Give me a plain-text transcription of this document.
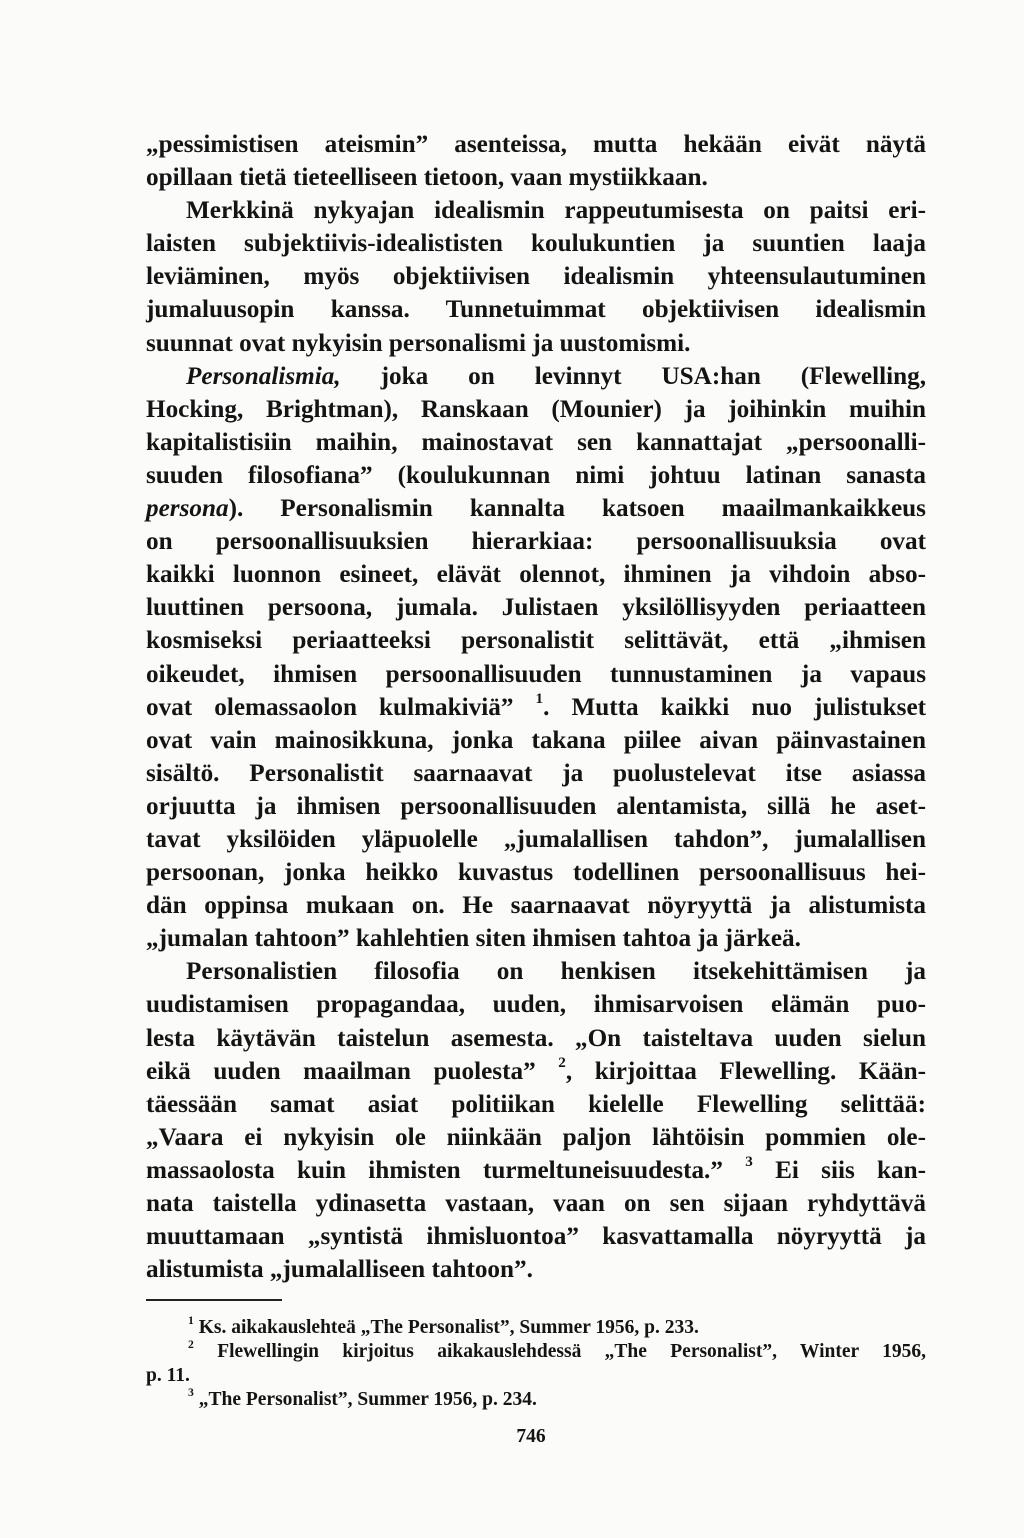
„pessimistisen ateismin” asenteissa, mutta hekään eivät näytä
opillaan tietä tieteelliseen tietoon, vaan mystiikkaan.
Merkkinä nykyajan idealismin rappeutumisesta on paitsi eri-
laisten subjektiivis-idealististen koulukuntien ja suuntien laaja
leviäminen, myös objektiivisen idealismin yhteensulautuminen
jumaluusopin kanssa. Tunnetuimmat objektiivisen idealismin
suunnat ovat nykyisin personalismi ja uustomismi.
Personalismia, joka on levinnyt USA:han (Flewelling,
Hocking, Brightman), Ranskaan (Mounier) ja joihinkin muihin
kapitalistisiin maihin, mainostavat sen kannattajat „persoonalli-
suuden filosofiana” (koulukunnan nimi johtuu latinan sanasta
persona). Personalismin kannalta katsoen maailmankaikkeus
on persoonallisuuksien hierarkiaa: persoonallisuuksia ovat
kaikki luonnon esineet, elävät olennot, ihminen ja vihdoin abso-
luuttinen persoona, jumala. Julistaen yksilöllisyyden periaatteen
kosmiseksi periaatteeksi personalistit selittävät, että „ihmisen
oikeudet, ihmisen persoonallisuuden tunnustaminen ja vapaus
ovat olemassaolon kulmakiviä” $^1$. Mutta kaikki nuo julistukset
ovat vain mainosikkuna, jonka takana piilee aivan päinvastainen
sisältö. Personalistit saarnaavat ja puolustelevat itse asiassa
orjuutta ja ihmisen persoonallisuuden alentamista, sillä he aset-
tavat yksilöiden yläpuolelle „jumalallisen tahdon”, jumalallisen
persoonan, jonka heikko kuvastus todellinen persoonallisuus hei-
dän oppinsa mukaan on. He saarnaavat nöyryyttä ja alistumista
„jumalan tahtoon” kahlehtien siten ihmisen tahtoa ja järkeä.
Personalistien filosofia on henkisen itsekehittämisen ja
uudistamisen propagandaa, uuden, ihmisarvoisen elämän puo-
lesta käytävän taistelun asemesta. „On taisteltava uuden sielun
eikä uuden maailman puolesta” $^2$, kirjoittaa Flewelling. Kään-
täessään samat asiat politiikan kielelle Flewelling selittää:
„Vaara ei nykyisin ole niinkään paljon lähtöisin pommien ole-
massaolosta kuin ihmisten turmeltuneisuudesta.” $^3$ Ei siis kan-
nata taistella ydinasetta vastaan, vaan on sen sijaan ryhdyttävä
muuttamaan „syntistä ihmisluontoa” kasvattamalla nöyryyttä ja
alistumista „jumalalliseen tahtoon”.
$^1$ Ks. aikakauslehteä „The Personalist”, Summer 1956, p. 233.
$^2$ Flewellingin kirjoitus aikakauslehdessä „The Personalist”, Winter 1956,
p. 11.
$^3$ „The Personalist”, Summer 1956, p. 234.
746
